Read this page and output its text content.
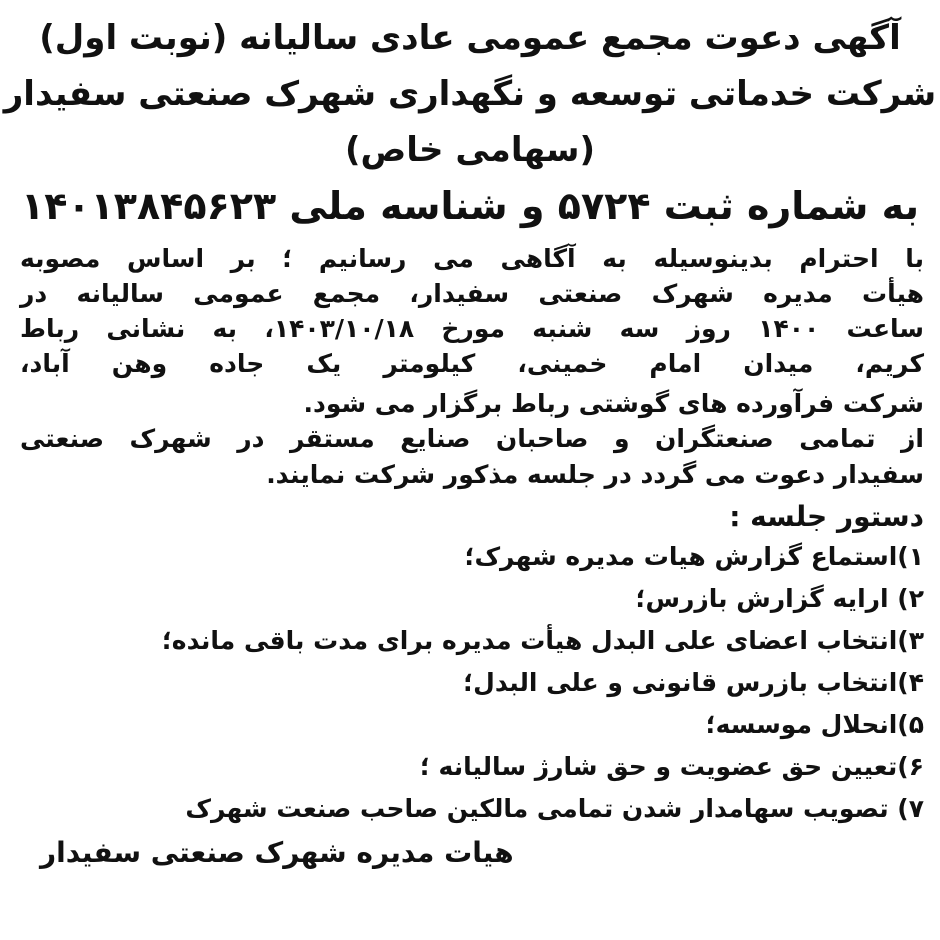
آگهی دعوت مجمع عمومی عادی سالیانه (نوبت اول)
شرکت خدماتی توسعه و نگهداری شهرک صنعتی سفیدار
(سهامی خاص)
به شماره ثبت ۵۷۲۴ و شناسه ملی ۱۴۰۱۳۸۴۵۶۲۳
با احترام بدینوسیله به آگاهی می رسانیم ؛ بر اساس مصوبه
هیأت مدیره شهرک صنعتی سفیدار، مجمع عمومی سالیانه در
ساعت ۱۴۰۰ روز سه شنبه مورخ ۱۴۰۳/۱۰/۱۸، به نشانی رباط
کریم، میدان امام خمینی، کیلومتر یک جاده وهن آباد،
شرکت فرآورده های گوشتی رباط برگزار می شود.
از تمامی صنعتگران و صاحبان صنایع مستقر در شهرک صنعتی
سفیدار دعوت می گردد در جلسه مذکور شرکت نمایند.
دستور جلسه :
۱)استماع گزارش هیات مدیره شهرک؛
۲) ارایه گزارش بازرس؛
۳)انتخاب اعضای علی البدل هیأت مدیره برای مدت باقی مانده؛
۴)انتخاب بازرس قانونی و علی البدل؛
۵)انحلال موسسه؛
۶)تعیین حق عضویت و حق شارژ سالیانه ؛
۷) تصویب سهامدار شدن تمامی مالکین صاحب صنعت شهرک
هیات مدیره شهرک صنعتی سفیدار
